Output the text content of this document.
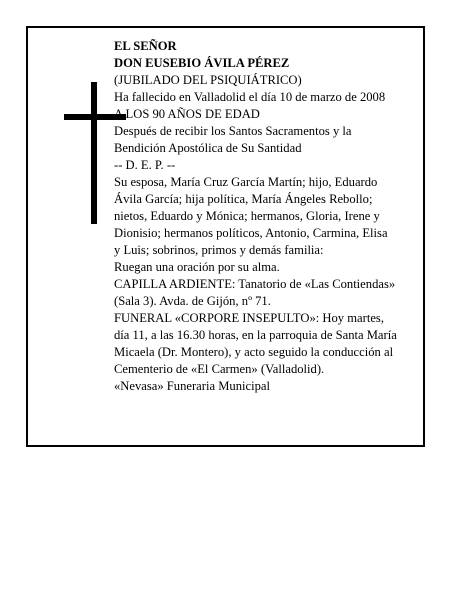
EL SEÑOR
DON EUSEBIO ÁVILA PÉREZ
(JUBILADO DEL PSIQUIÁTRICO)
Ha fallecido en Valladolid el día 10 de marzo de 2008
A LOS 90 AÑOS DE EDAD
Después de recibir los Santos Sacramentos y la
Bendición Apostólica de Su Santidad
-- D. E. P. --
Su esposa, María Cruz García Martín; hijo, Eduardo
Ávila García; hija política, María Ángeles Rebollo;
nietos, Eduardo y Mónica; hermanos, Gloria, Irene y
Dionisio; hermanos políticos, Antonio, Carmina, Elisa
y Luis; sobrinos, primos y demás familia:
Ruegan una oración por su alma.
CAPILLA ARDIENTE: Tanatorio de «Las Contiendas»
(Sala 3). Avda. de Gijón, nº 71.
FUNERAL «CORPORE INSEPULTO»: Hoy martes,
día 11, a las 16.30 horas, en la parroquia de Santa María
Micaela (Dr. Montero), y acto seguido la conducción al
Cementerio de «El Carmen» (Valladolid).
«Nevasa» Funeraria Municipal
